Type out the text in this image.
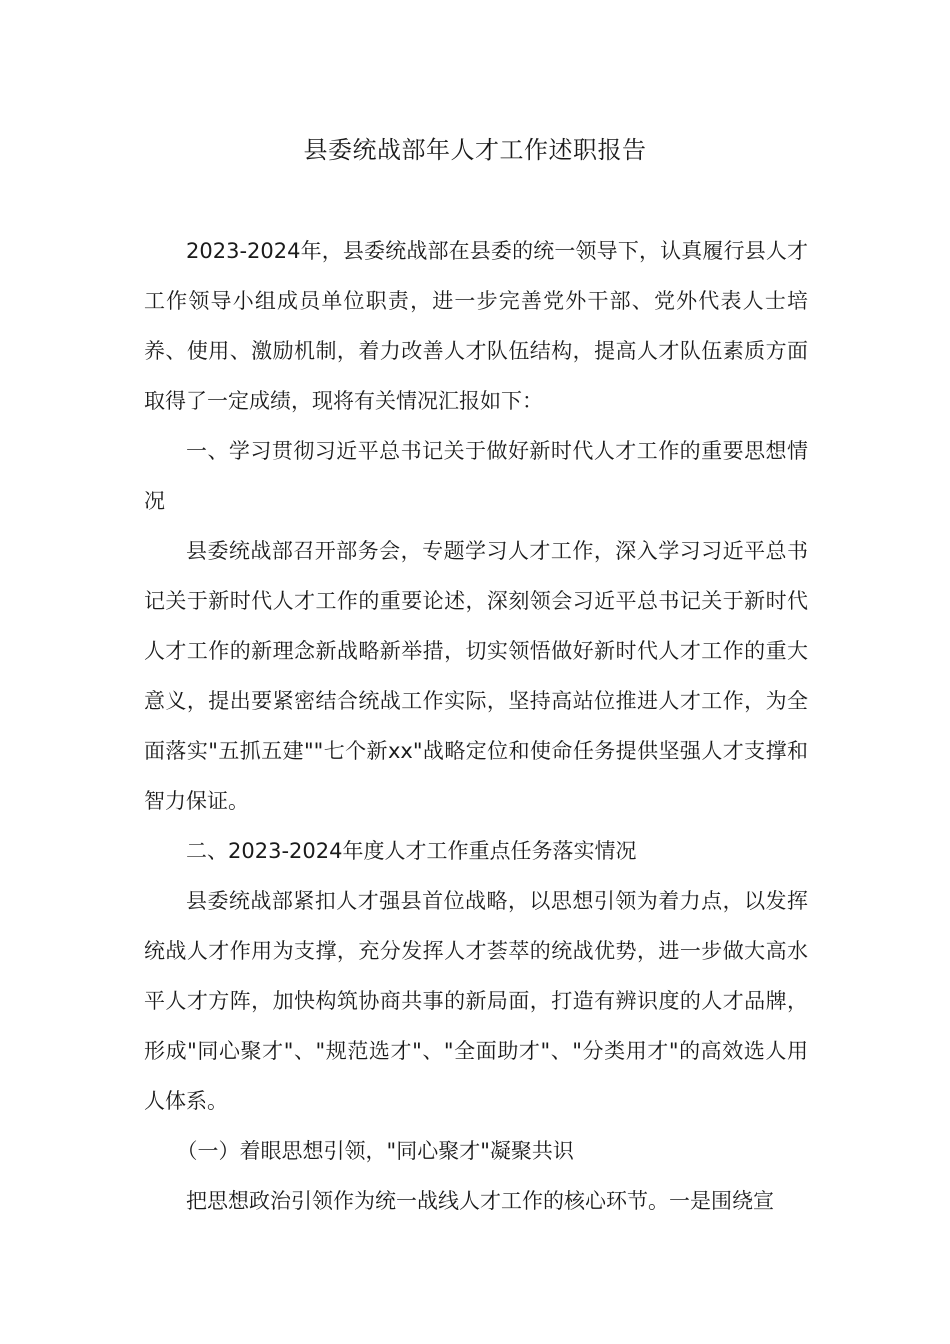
县委统战部年人才工作述职报告

2023-2024年，县委统战部在县委的统一领导下，认真履行县人才工作领导小组成员单位职责，进一步完善党外干部、党外代表人士培养、使用、激励机制，着力改善人才队伍结构，提高人才队伍素质方面取得了一定成绩，现将有关情况汇报如下：

一、学习贯彻习近平总书记关于做好新时代人才工作的重要思想情况

县委统战部召开部务会，专题学习人才工作，深入学习习近平总书记关于新时代人才工作的重要论述，深刻领会习近平总书记关于新时代人才工作的新理念新战略新举措，切实领悟做好新时代人才工作的重大意义，提出要紧密结合统战工作实际，坚持高站位推进人才工作，为全面落实"五抓五建""七个新xx"战略定位和使命任务提供坚强人才支撑和智力保证。

二、2023-2024年度人才工作重点任务落实情况

县委统战部紧扣人才强县首位战略，以思想引领为着力点，以发挥统战人才作用为支撑，充分发挥人才荟萃的统战优势，进一步做大高水平人才方阵，加快构筑协商共事的新局面，打造有辨识度的人才品牌，形成"同心聚才"、"规范选才"、"全面助才"、"分类用才"的高效选人用人体系。

（一）着眼思想引领，"同心聚才"凝聚共识

把思想政治引领作为统一战线人才工作的核心环节。一是围绕宣
